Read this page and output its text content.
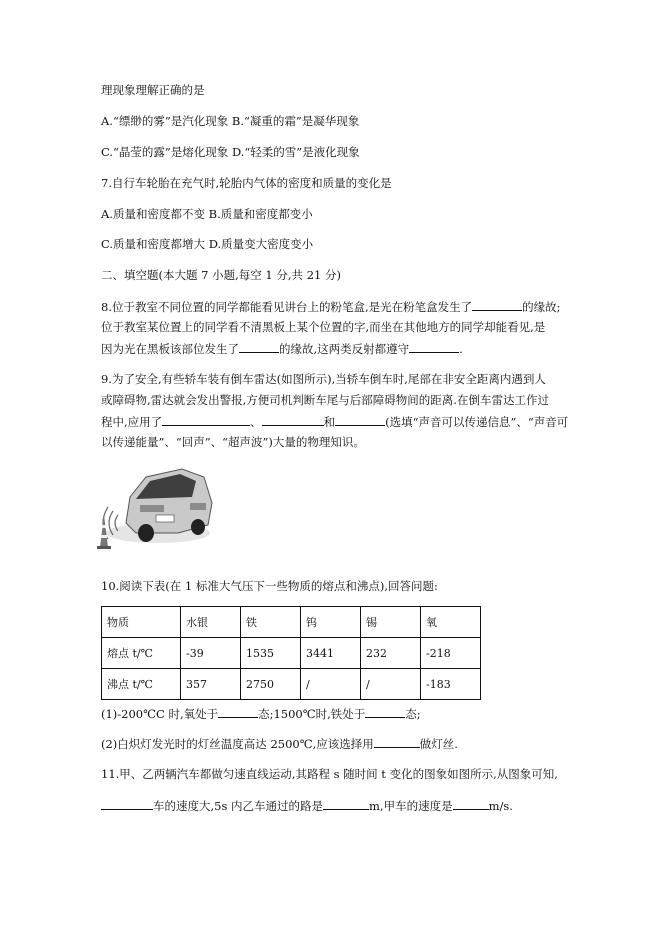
理现象理解正确的是
A.“缥缈的雾”是汽化现象 B.“凝重的霜”是凝华现象
C.“晶莹的露”是熔化现象 D.“轻柔的雪”是液化现象
7.自行车轮胎在充气时,轮胎内气体的密度和质量的变化是
A.质量和密度都不变 B.质量和密度都变小
C.质量和密度都增大 D.质量变大密度变小
二、填空题(本大题 7 小题,每空 1 分,共 21 分)
8.位于教室不同位置的同学都能看见讲台上的粉笔盒,是光在粉笔盒发生了	的缘故;
位于教室某位置上的同学看不清黑板上某个位置的字,而坐在其他地方的同学却能看见,是
因为光在黑板该部位发生了	的缘故,这两类反射都遵守	.
9.为了安全,有些轿车装有倒车雷达(如图所示),当轿车倒车时,尾部在非安全距离内遇到人
或障碍物,雷达就会发出警报,方便司机判断车尾与后部障碍物间的距离.在倒车雷达工作过
程中,应用了	、	和	(选填“声音可以传递信息”、“声音可
以传递能量”、“回声”、“超声波”)大量的物理知识。
10.阅读下表(在 1 标准大气压下一些物质的熔点和沸点),回答问题:
物质	水银	铁	钨	锡	氧
熔点 t/℃	-39	1535	3441	232	-218
沸点 t/℃	357	2750	/	/	-183
(1)-200℃C 时,氧处于	态;1500℃时,铁处于	态;
(2)白炽灯发光时的灯丝温度高达 2500℃,应该选择用	做灯丝.
11.甲、乙两辆汽车都做匀速直线运动,其路程 s 随时间 t 变化的图象如图所示,从图象可知,
车的速度大,5s 内乙车通过的路是	m,甲车的速度是	m/s.
